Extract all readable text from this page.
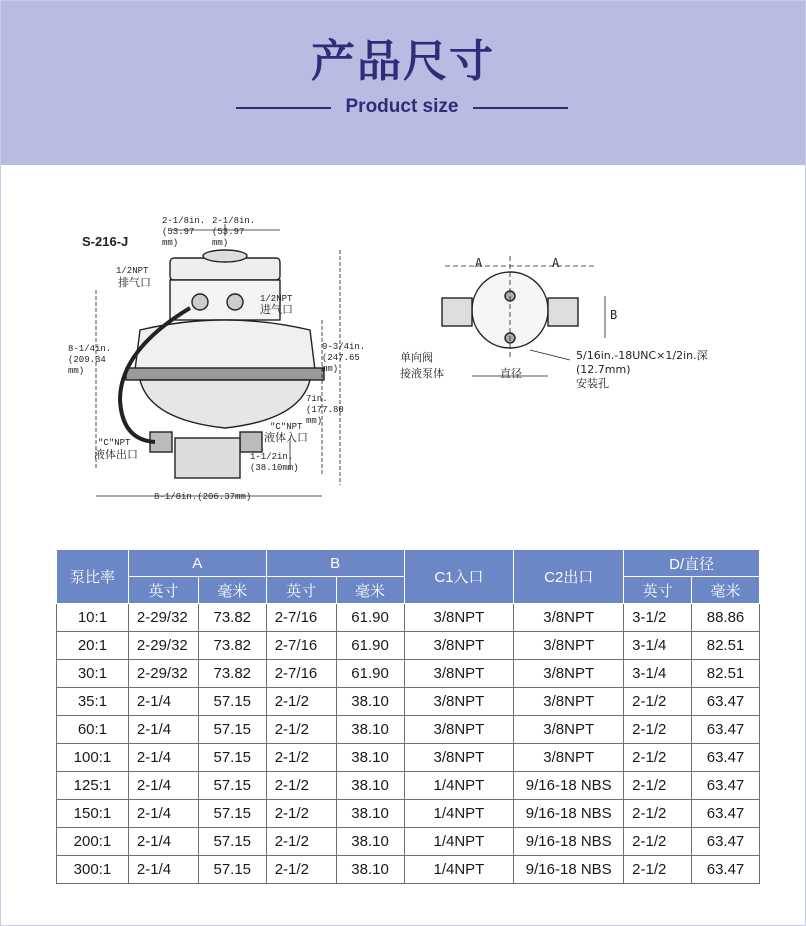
产品尺寸
Product size
S-216-J
2-1/8in.
(53.97
mm)
2-1/8in.
(53.97
mm)
1/2NPT
排气口
1/2NPT
进气口
8-1/4in.
(209.34
mm)
9-3/4in.
(247.65
mm)
7in.
(177.80
mm)
"C"NPT
液体入口
"C"NPT
液体出口	1-1/2in.
(38.10mm)
8-1/8in.(206.37mm)
A	A
B
单向阀
接液泵体	直径
5/16in.-18UNC×1/2in.深
(12.7mm)
安装孔
泵比率	A		B		C1入口	C2出口	D/直径	
	英寸	毫米	英寸	毫米			英寸	毫米
10:1	2-29/32	73.82	2-7/16	61.90	3/8NPT	3/8NPT	3-1/2	88.86
20:1	2-29/32	73.82	2-7/16	61.90	3/8NPT	3/8NPT	3-1/4	82.51
30:1	2-29/32	73.82	2-7/16	61.90	3/8NPT	3/8NPT	3-1/4	82.51
35:1	2-1/4	57.15	2-1/2	38.10	3/8NPT	3/8NPT	2-1/2	63.47
60:1	2-1/4	57.15	2-1/2	38.10	3/8NPT	3/8NPT	2-1/2	63.47
100:1	2-1/4	57.15	2-1/2	38.10	3/8NPT	3/8NPT	2-1/2	63.47
125:1	2-1/4	57.15	2-1/2	38.10	1/4NPT	9/16-18 NBS	2-1/2	63.47
150:1	2-1/4	57.15	2-1/2	38.10	1/4NPT	9/16-18 NBS	2-1/2	63.47
200:1	2-1/4	57.15	2-1/2	38.10	1/4NPT	9/16-18 NBS	2-1/2	63.47
300:1	2-1/4	57.15	2-1/2	38.10	1/4NPT	9/16-18 NBS	2-1/2	63.47
